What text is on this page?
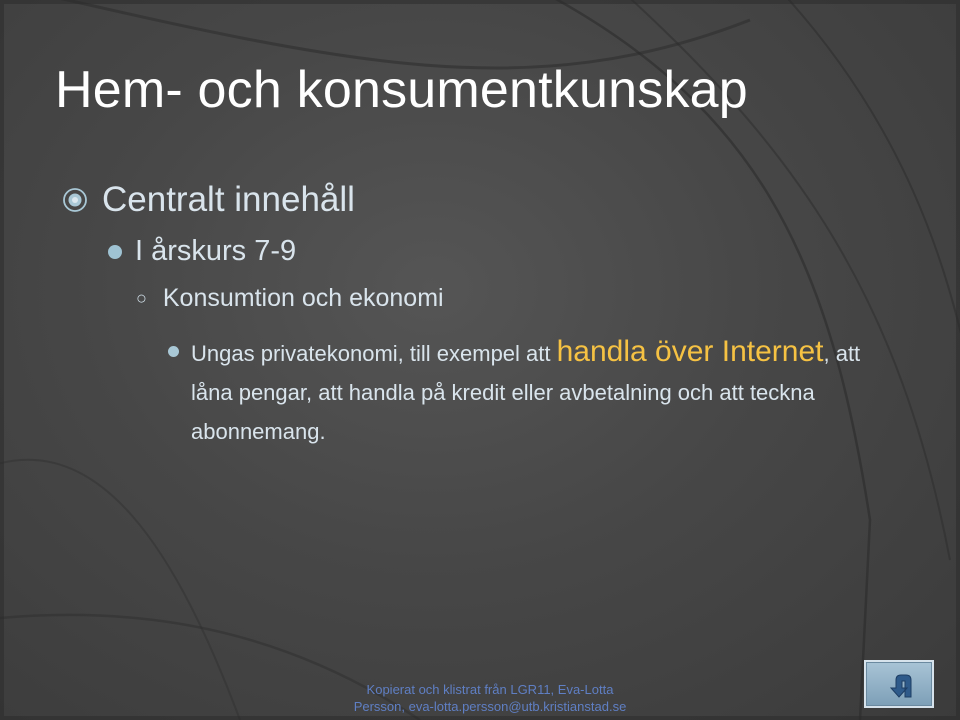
Hem- och konsumentkunskap
Centralt innehåll
I årskurs 7-9
○ Konsumtion och ekonomi

Ungas privatekonomi, till exempel att handla över Internet, att låna pengar, att handla på kredit eller avbetalning och att teckna abonnemang.

Kopierat och klistrat från LGR11, Eva-Lotta
Persson, eva-lotta.persson@utb.kristianstad.se
